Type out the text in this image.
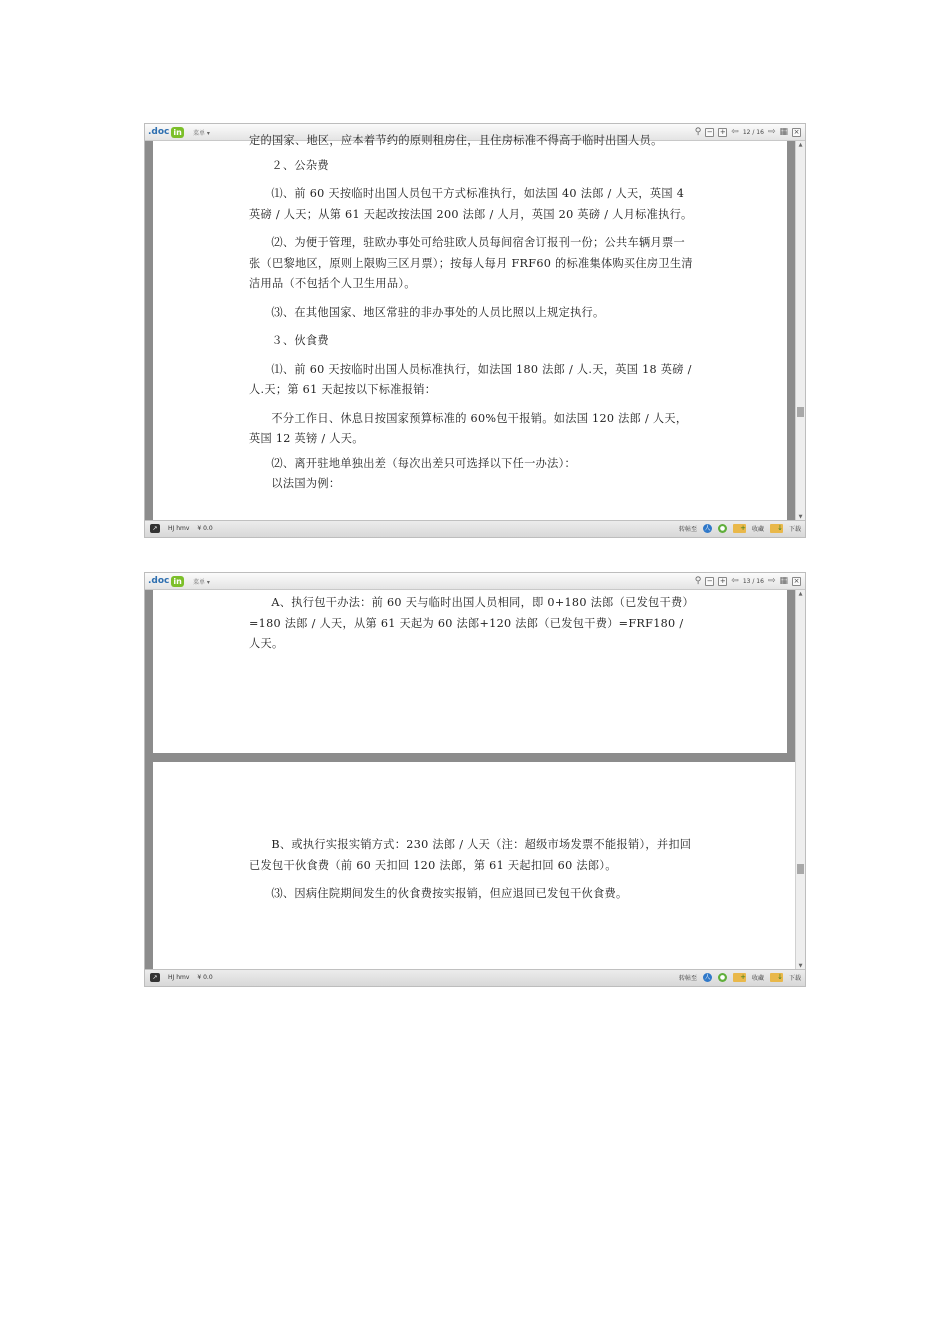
.doc in	菜单 ▾	⚲ − + ⇦ 12 / 16 ⇨ ▦ ×

定的国家、地区，应本着节约的原则租房住，且住房标准不得高于临时出国人员。

２、公杂费

⑴、前 60 天按临时出国人员包干方式标准执行，如法国 40 法郎 / 人天，英国 4 英磅 / 人天；从第 61 天起改按法国 200 法郎 / 人月，英国 20 英磅 / 人月标准执行。

⑵、为便于管理，驻欧办事处可给驻欧人员每间宿舍订报刊一份；公共车辆月票一张（巴黎地区，原则上限购三区月票）；按每人每月 FRF60 的标准集体购买住房卫生清洁用品（不包括个人卫生用品）。

⑶、在其他国家、地区常驻的非办事处的人员比照以上规定执行。

３、伙食费

⑴、前 60 天按临时出国人员标准执行，如法国 180 法郎 / 人.天，英国 18 英磅 / 人.天；第 61 天起按以下标准报销：

不分工作日、休息日按国家预算标准的 60%包干报销。如法国 120 法郎 / 人天，英国 12 英镑 / 人天。

⑵、离开驻地单独出差（每次出差只可选择以下任一办法）：

以法国为例：

▲
▼
↗	HJ hmv ¥ 0.0	转帖至 人	●	+ 收藏	↓ 下载
.doc in	菜单 ▾	⚲ − + ⇦ 13 / 16 ⇨ ▦ ×

A、执行包干办法：前 60 天与临时出国人员相同，即 0+180 法郎（已发包干费）=180 法郎 / 人天，从第 61 天起为 60 法郎+120 法郎（已发包干费）=FRF180 / 人天。

B、或执行实报实销方式：230 法郎 / 人天（注：超级市场发票不能报销），并扣回已发包干伙食费（前 60 天扣回 120 法郎，第 61 天起扣回 60 法郎）。

⑶、因病住院期间发生的伙食费按实报销，但应退回已发包干伙食费。

▲
▼
↗	HJ hmv ¥ 0.0	转帖至 人	●	+ 收藏	↓ 下载
